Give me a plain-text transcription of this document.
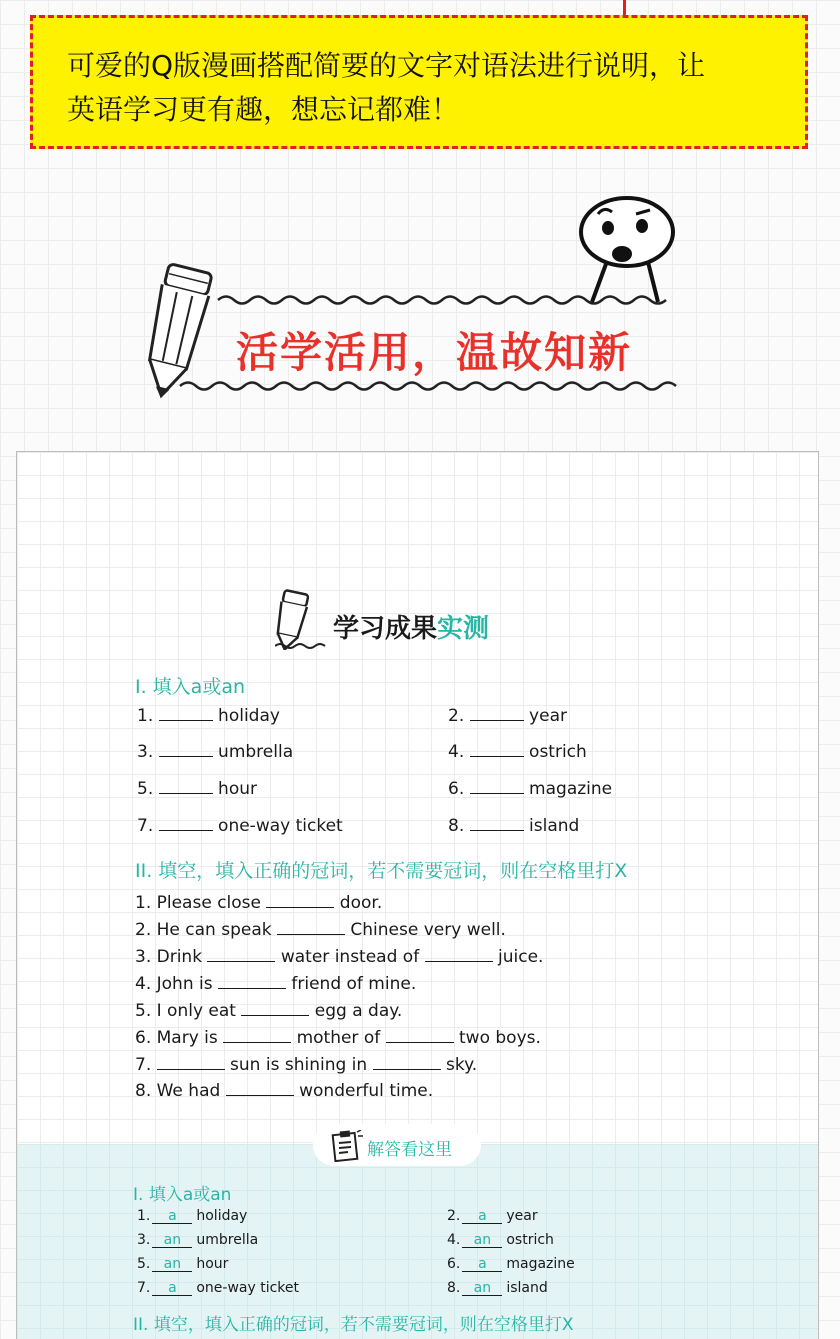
可爱的Q版漫画搭配简要的文字对语法进行说明，让
英语学习更有趣，想忘记都难！
活学活用，温故知新
学习成果实测
I. 填入a或an
1.	holiday	2.	year
3.	umbrella	4.	ostrich
5.	hour	6.	magazine
7.	one-way ticket	8.	island
II. 填空，填入正确的冠词，若不需要冠词，则在空格里打X
1. Please close	door.
2. He can speak	Chinese very well.
3. Drink	water instead of	juice.
4. John is	friend of mine.
5. I only eat	egg a day.
6. Mary is	mother of	two boys.
7.	sun is shining in	sky.
8. We had	wonderful time.
解答看这里
I. 填入a或an
1. a holiday	2. a year
3. an umbrella	4. an ostrich
5. an hour	6. a magazine
7. a one-way ticket	8. an island
II. 填空，填入正确的冠词，若不需要冠词，则在空格里打X
